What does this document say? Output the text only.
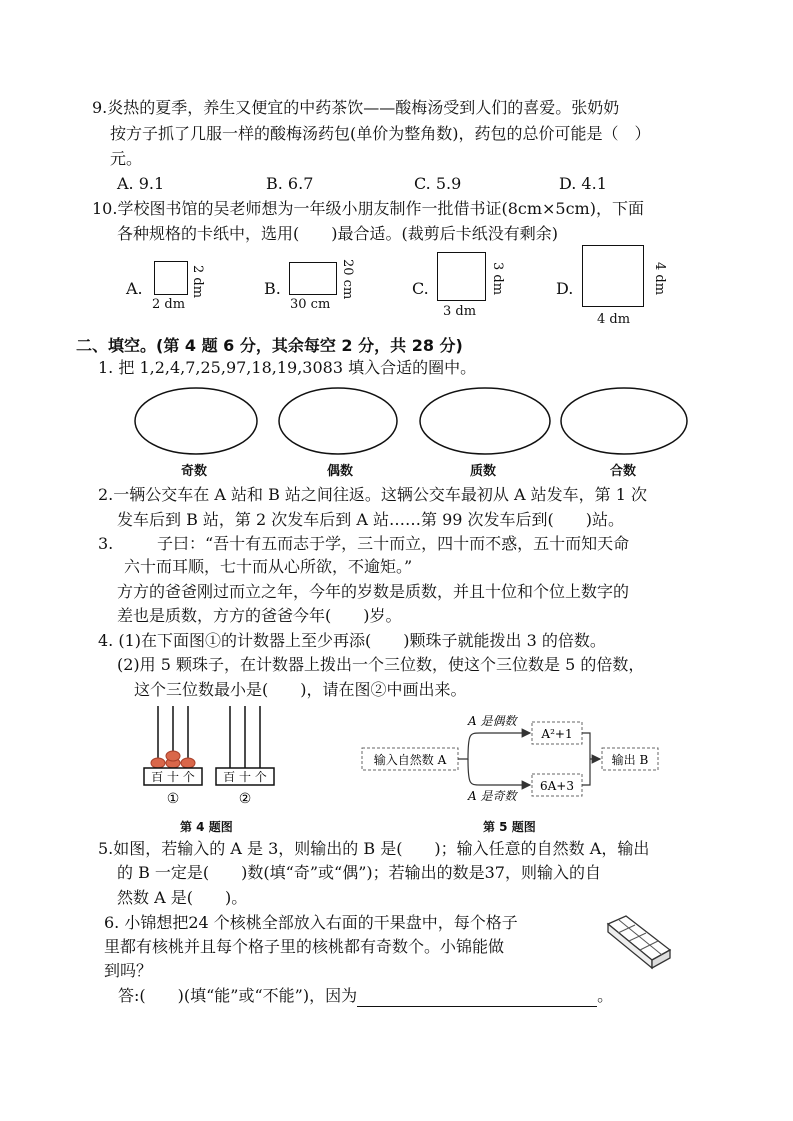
9.炎热的夏季，养生又便宜的中药茶饮——酸梅汤受到人们的喜爱。张奶奶
按方子抓了几服一样的酸梅汤药包(单价为整角数)，药包的总价可能是（　）
元。
A. 9.1	B. 6.7	C. 5.9	D. 4.1
10.学校图书馆的吴老师想为一年级小朋友制作一批借书证(8cm×5cm)，下面
各种规格的卡纸中，选用(　　)最合适。(裁剪后卡纸没有剩余)
A.
2 dm
2 dm	B.
30 cm
20 cm	C.
3 dm
3 dm	D.
4 dm
4 dm
二、填空。(第 4 题 6 分，其余每空 2 分，共 28 分)
1. 把 1,2,4,7,25,97,18,19,3083 填入合适的圈中。
奇数	偶数	质数	合数
2.一辆公交车在 A 站和 B 站之间往返。这辆公交车最初从 A 站发车，第 1 次
发车后到 B 站，第 2 次发车后到 A 站……第 99 次发车后到(　　)站。
3.	子曰：“吾十有五而志于学，三十而立，四十而不惑，五十而知天命
六十而耳顺，七十而从心所欲，不逾矩。”
方方的爸爸刚过而立之年，今年的岁数是质数，并且十位和个位上数字的
差也是质数，方方的爸爸今年(　　)岁。
4. (1)在下面图①的计数器上至少再添(　　)颗珠子就能拨出 3 的倍数。
(2)用 5 颗珠子，在计数器上拨出一个三位数，使这个三位数是 5 的倍数，
这个三位数最小是(　　)，请在图②中画出来。
百 十 个
①
百 十 个
②
第 4 题图
输入自然数 A
A 是偶数
A 是奇数
A²+1
6A+3
输出 B
第 5 题图
5.如图，若输入的 A 是 3，则输出的 B 是(　　)；输入任意的自然数 A，输出
的 B 一定是(　　)数(填“奇”或“偶”)；若输出的数是37，则输入的自
然数 A 是(　　)。
6. 小锦想把24 个核桃全部放入右面的干果盘中，每个格子
里都有核桃并且每个格子里的核桃都有奇数个。小锦能做
到吗？
答:(　　)(填“能”或“不能”)，因为	。
